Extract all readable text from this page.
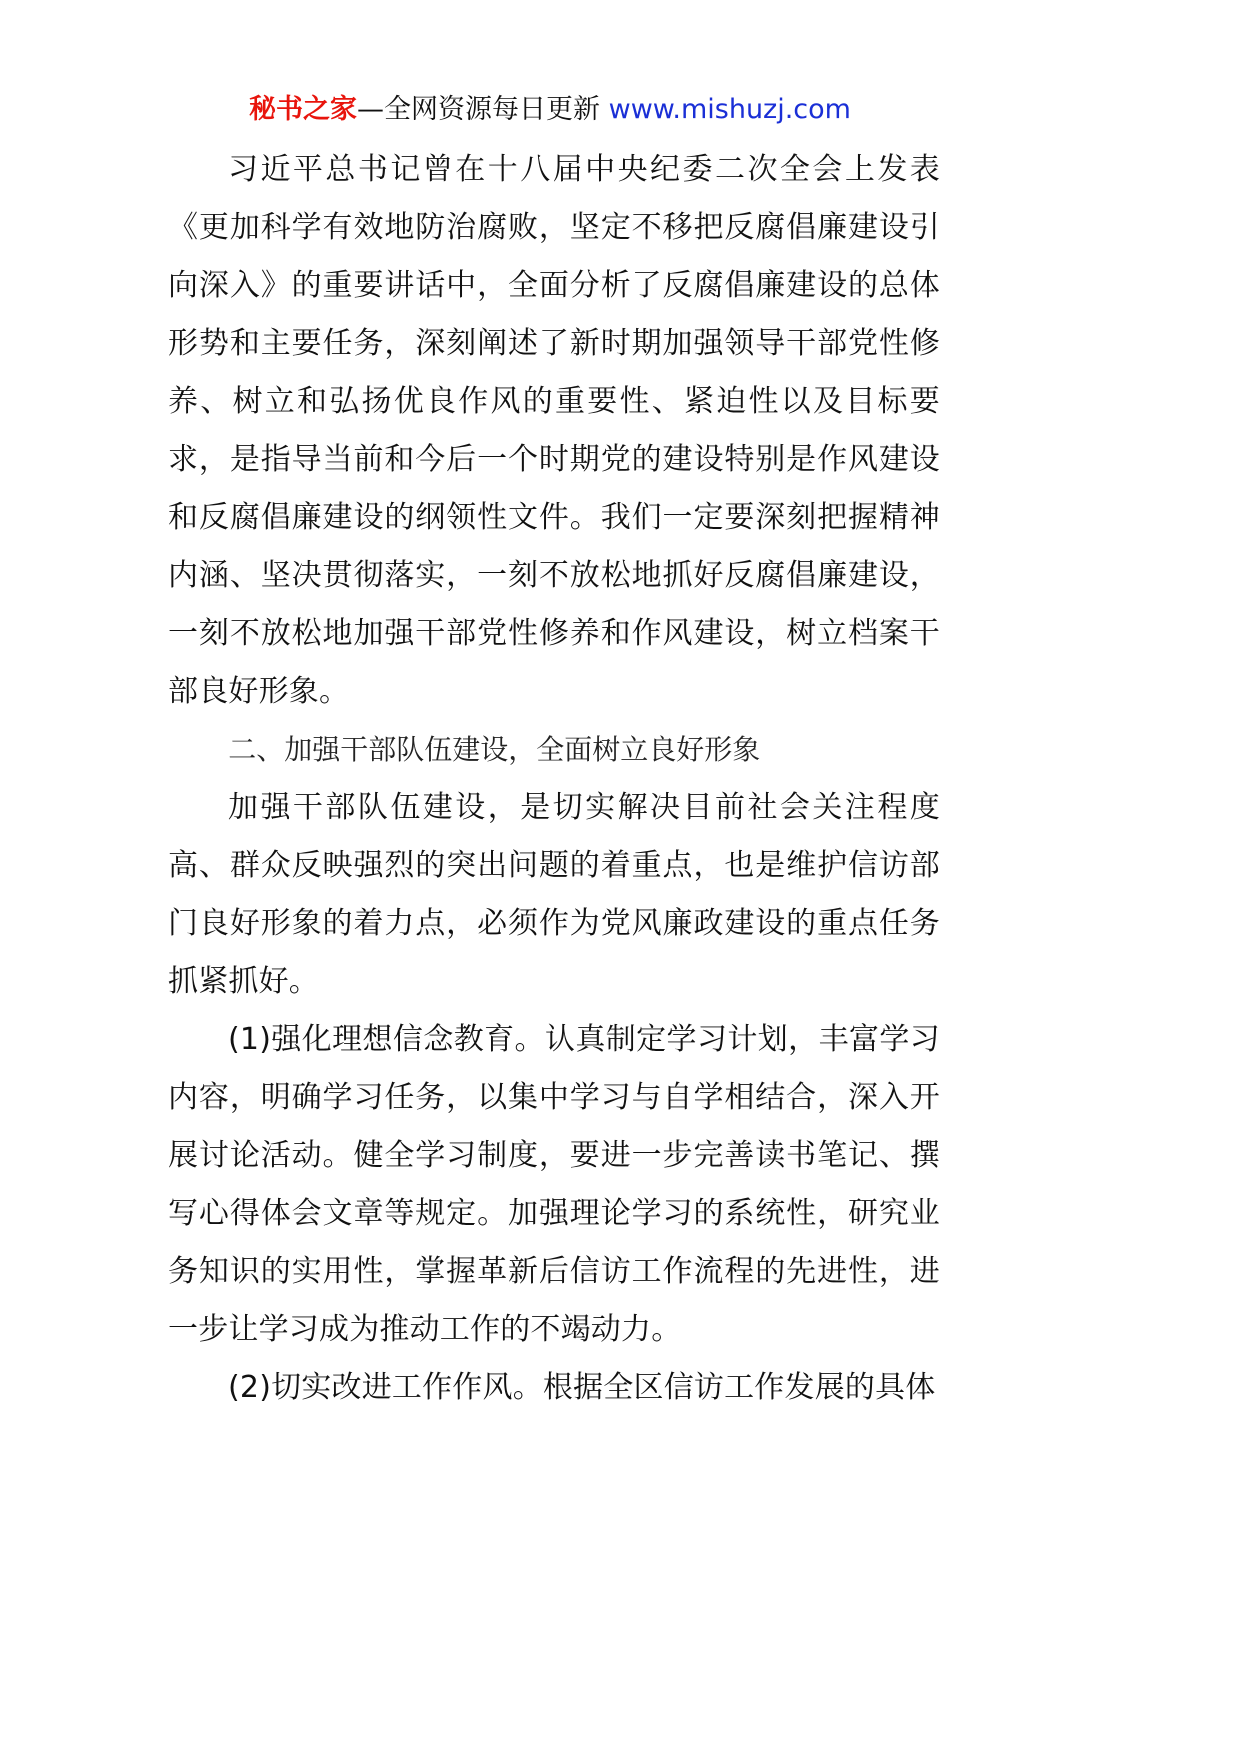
秘书之家—全网资源每日更新 www.mishuzj.com

习近平总书记曾在十八届中央纪委二次全会上发表《更加科学有效地防治腐败，坚定不移把反腐倡廉建设引向深入》的重要讲话中，全面分析了反腐倡廉建设的总体形势和主要任务，深刻阐述了新时期加强领导干部党性修养、树立和弘扬优良作风的重要性、紧迫性以及目标要求，是指导当前和今后一个时期党的建设特别是作风建设和反腐倡廉建设的纲领性文件。我们一定要深刻把握精神内涵、坚决贯彻落实，一刻不放松地抓好反腐倡廉建设，一刻不放松地加强干部党性修养和作风建设，树立档案干部良好形象。

二、加强干部队伍建设，全面树立良好形象

加强干部队伍建设，是切实解决目前社会关注程度高、群众反映强烈的突出问题的着重点，也是维护信访部门良好形象的着力点，必须作为党风廉政建设的重点任务抓紧抓好。

(1)强化理想信念教育。认真制定学习计划，丰富学习内容，明确学习任务，以集中学习与自学相结合，深入开展讨论活动。健全学习制度，要进一步完善读书笔记、撰写心得体会文章等规定。加强理论学习的系统性，研究业务知识的实用性，掌握革新后信访工作流程的先进性，进一步让学习成为推动工作的不竭动力。

(2)切实改进工作作风。根据全区信访工作发展的具体
